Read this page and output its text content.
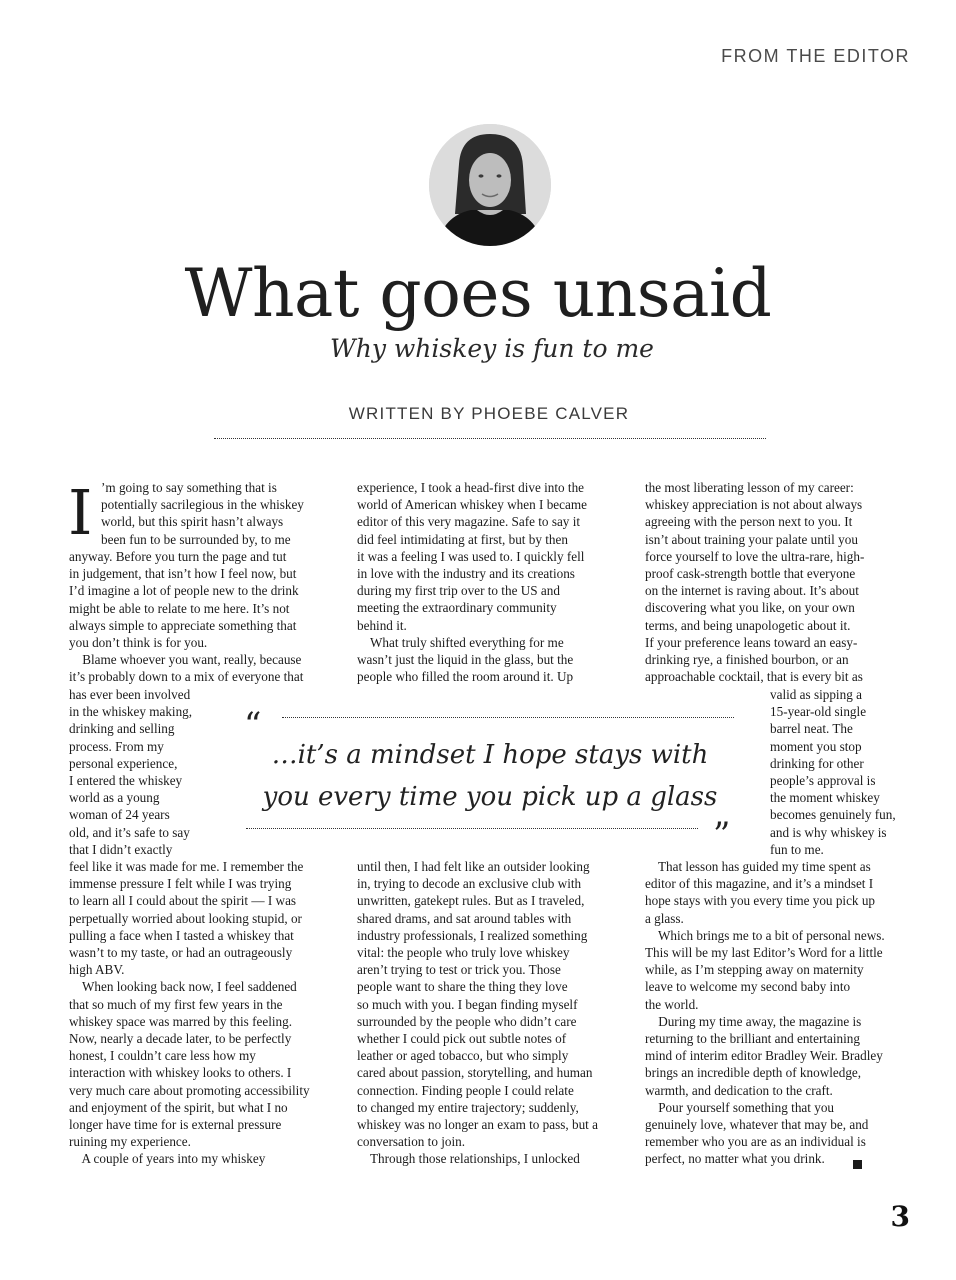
FROM THE EDITOR
What goes unsaid
Why whiskey is fun to me
WRITTEN BY PHOEBE CALVER
I ’m going to say something that is
potentially sacrilegious in the whiskey
world, but this spirit hasn’t always
been fun to be surrounded by, to me
anyway. Before you turn the page and tut
in judgement, that isn’t how I feel now, but
I’d imagine a lot of people new to the drink
might be able to relate to me here. It’s not
always simple to appreciate something that
you don’t think is for you.
Blame whoever you want, really, because
it’s probably down to a mix of everyone that
has ever been involved
in the whiskey making,
drinking and selling
process. From my
personal experience,
I entered the whiskey
world as a young
woman of 24 years
old, and it’s safe to say
that I didn’t exactly
feel like it was made for me. I remember the
immense pressure I felt while I was trying
to learn all I could about the spirit — I was
perpetually worried about looking stupid, or
pulling a face when I tasted a whiskey that
wasn’t to my taste, or had an outrageously
high ABV.
When looking back now, I feel saddened
that so much of my first few years in the
whiskey space was marred by this feeling.
Now, nearly a decade later, to be perfectly
honest, I couldn’t care less how my
interaction with whiskey looks to others. I
very much care about promoting accessibility
and enjoyment of the spirit, but what I no
longer have time for is external pressure
ruining my experience.
A couple of years into my whiskey
experience, I took a head-first dive into the
world of American whiskey when I became
editor of this very magazine. Safe to say it
did feel intimidating at first, but by then
it was a feeling I was used to. I quickly fell
in love with the industry and its creations
during my first trip over to the US and
meeting the extraordinary community
behind it.
What truly shifted everything for me
wasn’t just the liquid in the glass, but the
people who filled the room around it. Up
until then, I had felt like an outsider looking
in, trying to decode an exclusive club with
unwritten, gatekept rules. But as I traveled,
shared drams, and sat around tables with
industry professionals, I realized something
vital: the people who truly love whiskey
aren’t trying to test or trick you. Those
people want to share the thing they love
so much with you. I began finding myself
surrounded by the people who didn’t care
whether I could pick out subtle notes of
leather or aged tobacco, but who simply
cared about passion, storytelling, and human
connection. Finding people I could relate
to changed my entire trajectory; suddenly,
whiskey was no longer an exam to pass, but a
conversation to join.
Through those relationships, I unlocked
the most liberating lesson of my career:
whiskey appreciation is not about always
agreeing with the person next to you. It
isn’t about training your palate until you
force yourself to love the ultra-rare, high-
proof cask-strength bottle that everyone
on the internet is raving about. It’s about
discovering what you like, on your own
terms, and being unapologetic about it.
If your preference leans toward an easy-
drinking rye, a finished bourbon, or an
approachable cocktail, that is every bit as
valid as sipping a
15-year-old single
barrel neat. The
moment you stop
drinking for other
people’s approval is
the moment whiskey
becomes genuinely fun,
and is why whiskey is
fun to me.
That lesson has guided my time spent as
editor of this magazine, and it’s a mindset I
hope stays with you every time you pick up
a glass.
Which brings me to a bit of personal news.
This will be my last Editor’s Word for a little
while, as I’m stepping away on maternity
leave to welcome my second baby into
the world.
During my time away, the magazine is
returning to the brilliant and entertaining
mind of interim editor Bradley Weir. Bradley
brings an incredible depth of knowledge,
warmth, and dedication to the craft.
Pour yourself something that you
genuinely love, whatever that may be, and
remember who you are as an individual is
perfect, no matter what you drink.
“
…it’s a mindset I hope stays with
you every time you pick up a glass
”
3
